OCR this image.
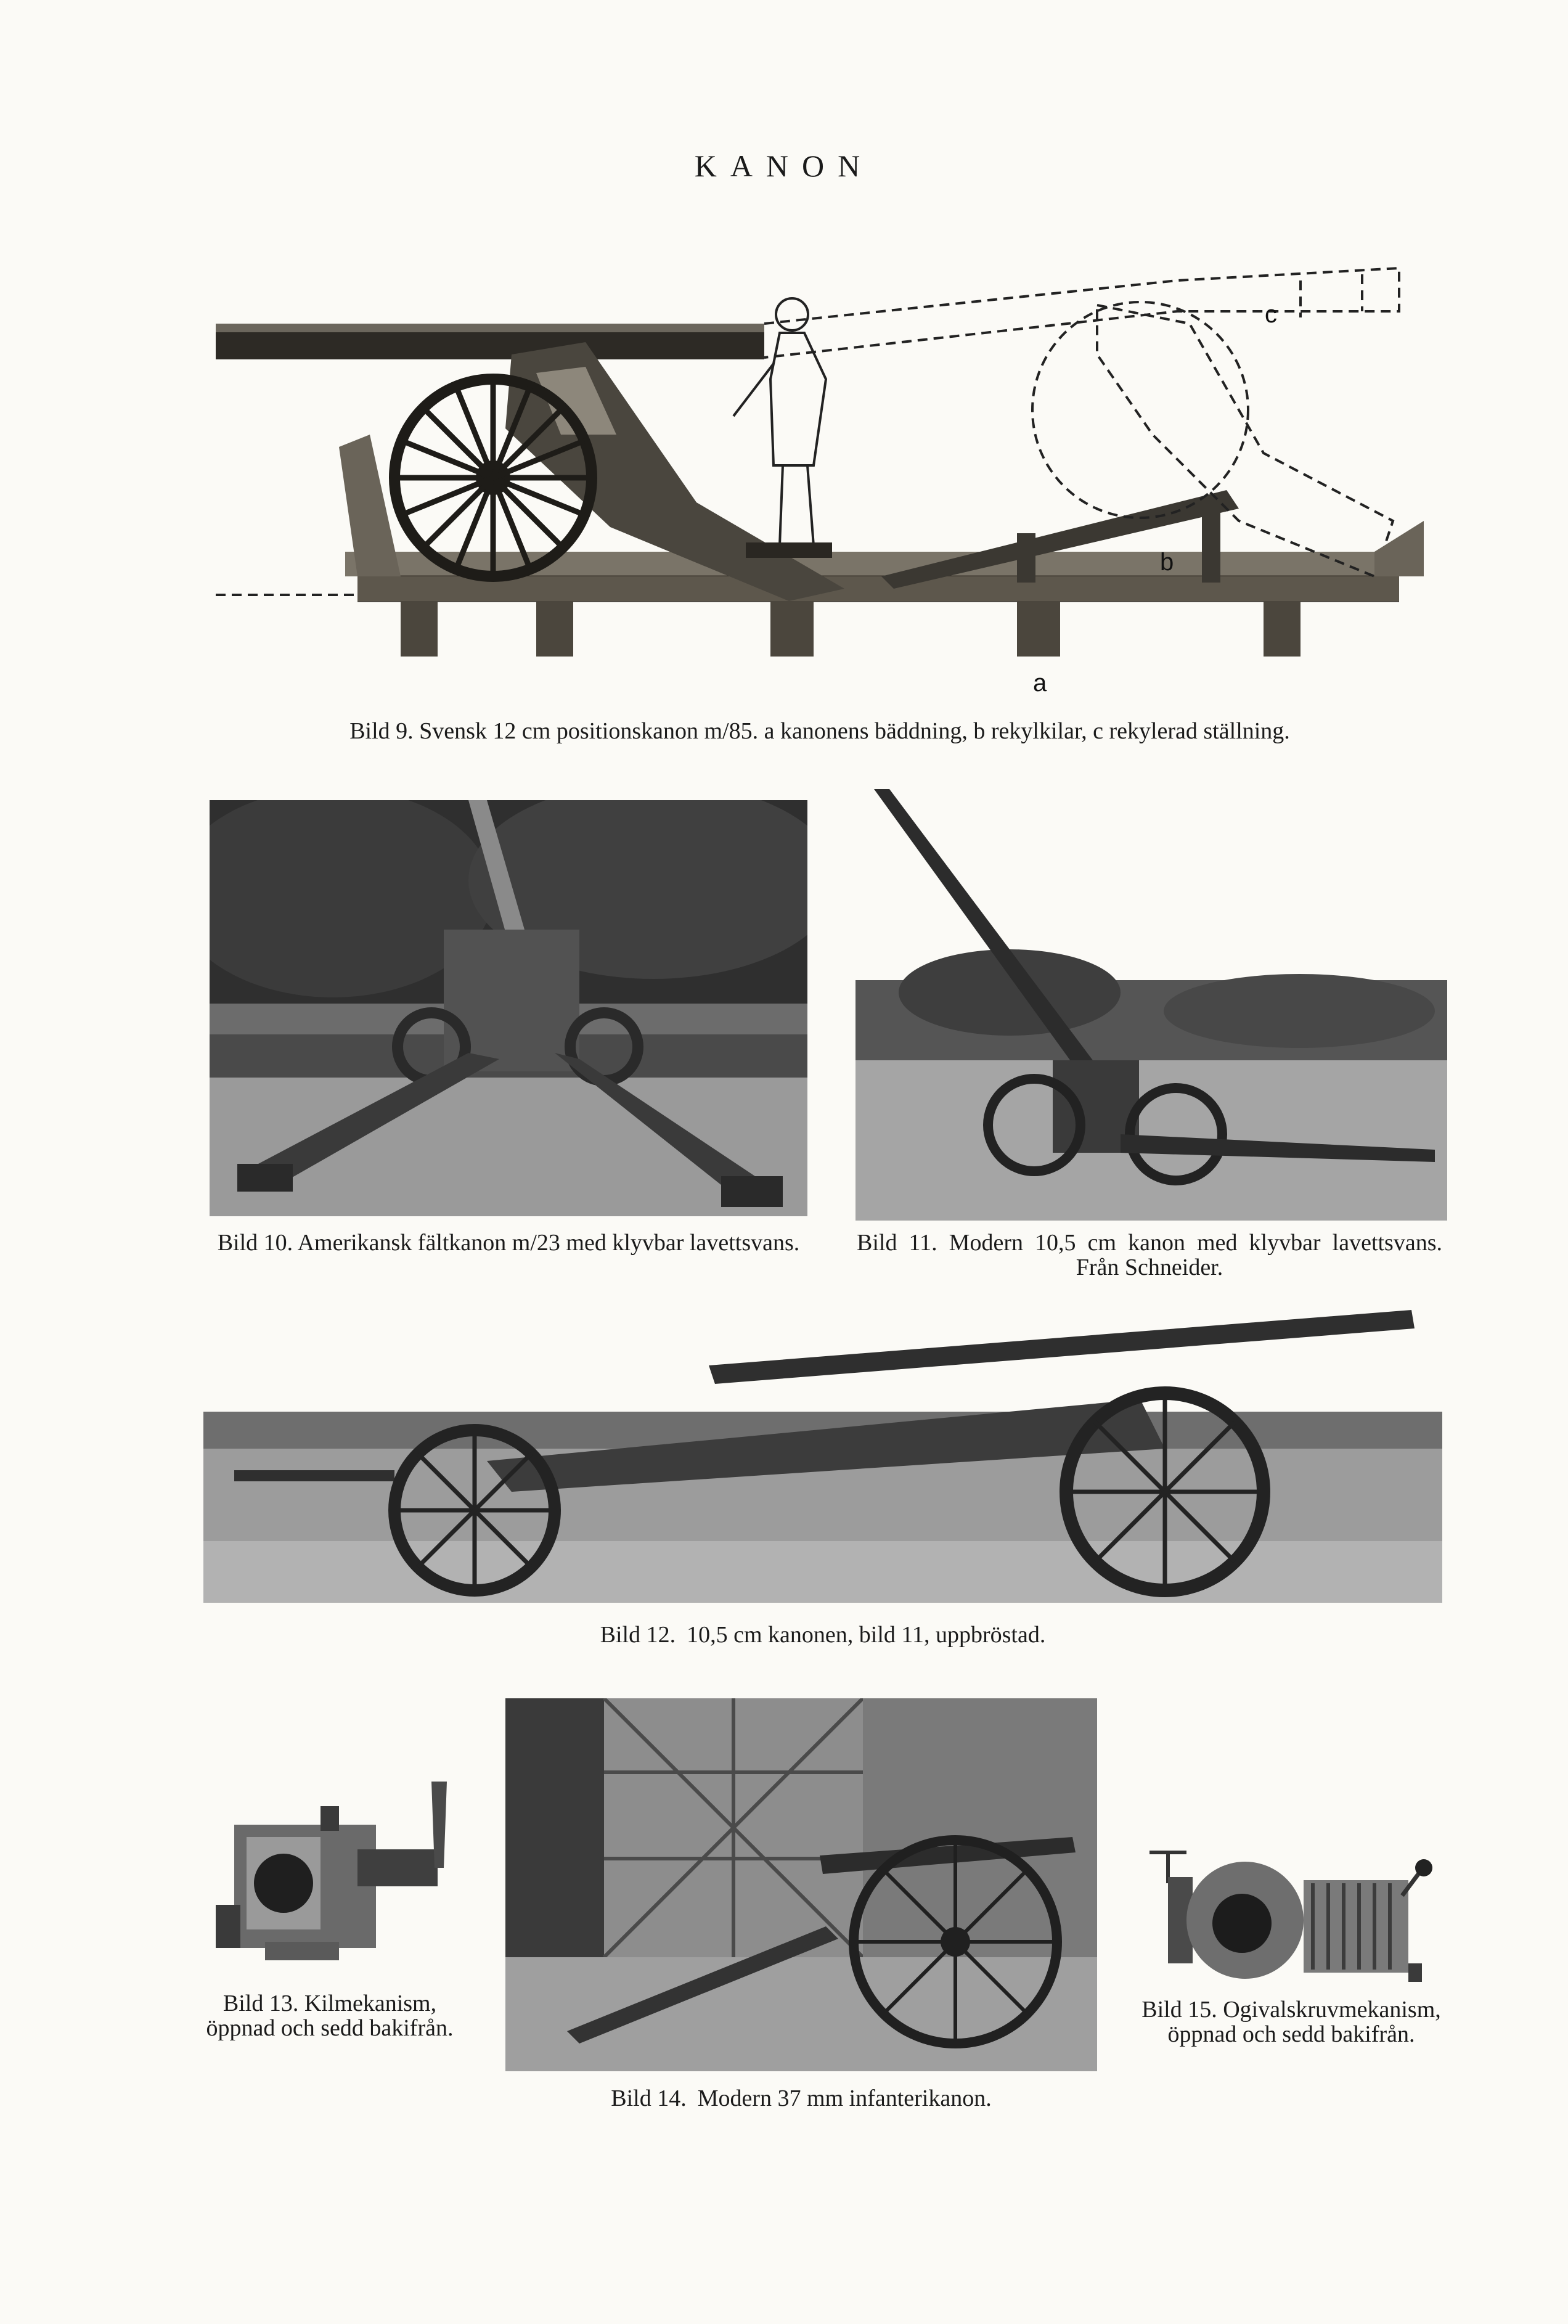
KANON
c
b
a
Bild 9. Svensk 12 cm positionskanon m/85. a kanonens bäddning, b rekylkilar, c rekylerad ställning.
Bild 10. Amerikansk fältkanon m/23 med klyvbar lavettsvans. Bild 11. Modern 10,5 cm kanon med klyvbar lavettsvans. Från Schneider.
Bild 12. 10,5 cm kanonen, bild 11, uppbröstad.
Bild 13. Kilmekanism, öppnad och sedd bakifrån.
Bild 14. Modern 37 mm infanterikanon.
Bild 15. Ogivalskruvmekanism, öppnad och sedd bakifrån.
